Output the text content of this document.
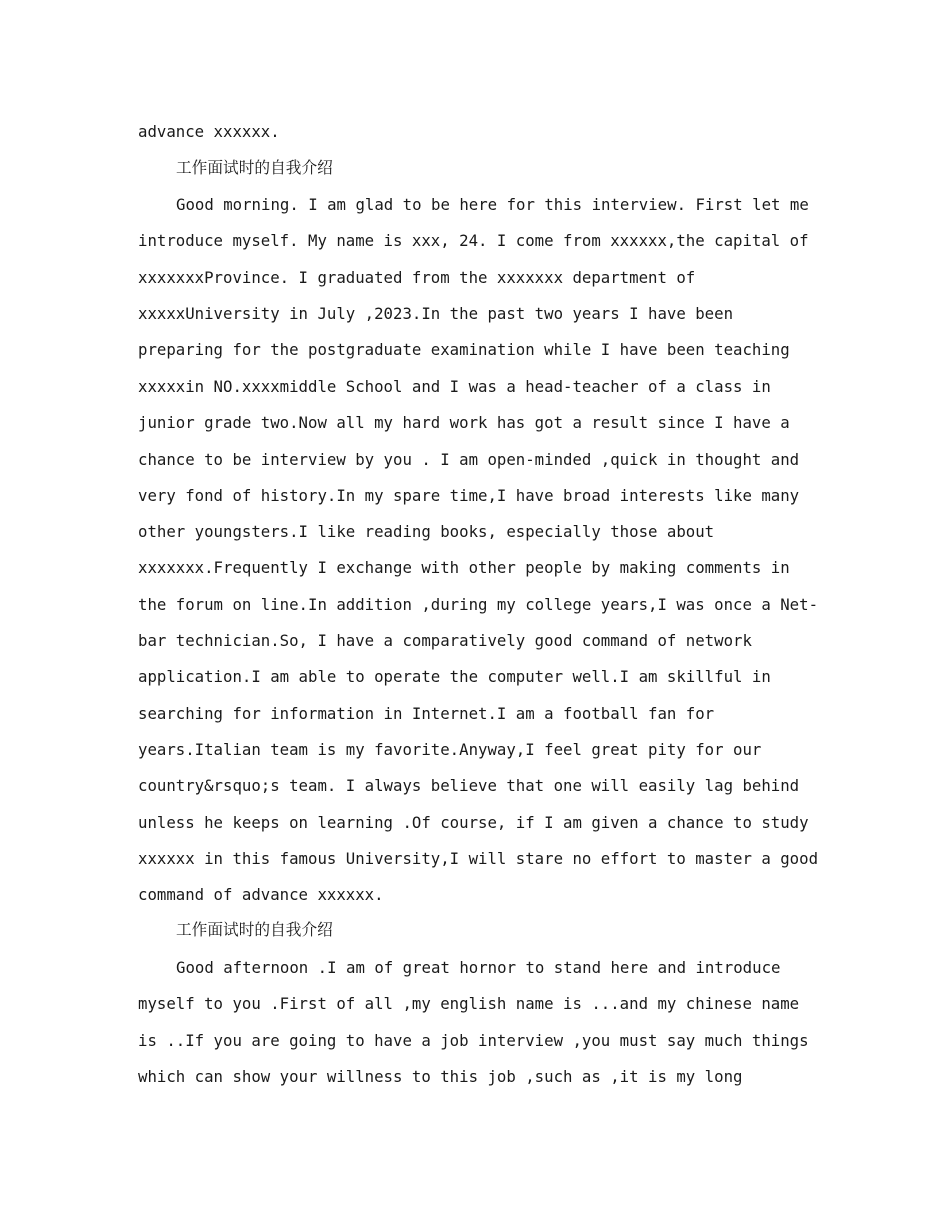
advance xxxxxx.
工作面试时的自我介绍
Good morning. I am glad to be here for this interview. First let me
introduce myself. My name is xxx, 24. I come from xxxxxx,the capital of
xxxxxxxProvince. I graduated from the xxxxxxx department of
xxxxxUniversity in July ,2023.In the past two years I have been
preparing for the postgraduate examination while I have been teaching
xxxxxin NO.xxxxmiddle School and I was a head-teacher of a class in
junior grade two.Now all my hard work has got a result since I have a
chance to be interview by you . I am open-minded ,quick in thought and
very fond of history.In my spare time,I have broad interests like many
other youngsters.I like reading books, especially those about
xxxxxxx.Frequently I exchange with other people by making comments in
the forum on line.In addition ,during my college years,I was once a Net-
bar technician.So, I have a comparatively good command of network
application.I am able to operate the computer well.I am skillful in
searching for information in Internet.I am a football fan for
years.Italian team is my favorite.Anyway,I feel great pity for our
country&rsquo;s team. I always believe that one will easily lag behind
unless he keeps on learning .Of course, if I am given a chance to study
xxxxxx in this famous University,I will stare no effort to master a good
command of advance xxxxxx.
工作面试时的自我介绍
Good afternoon .I am of great hornor to stand here and introduce
myself to you .First of all ,my english name is ...and my chinese name
is ..If you are going to have a job interview ,you must say much things
which can show your willness to this job ,such as ,it is my long
